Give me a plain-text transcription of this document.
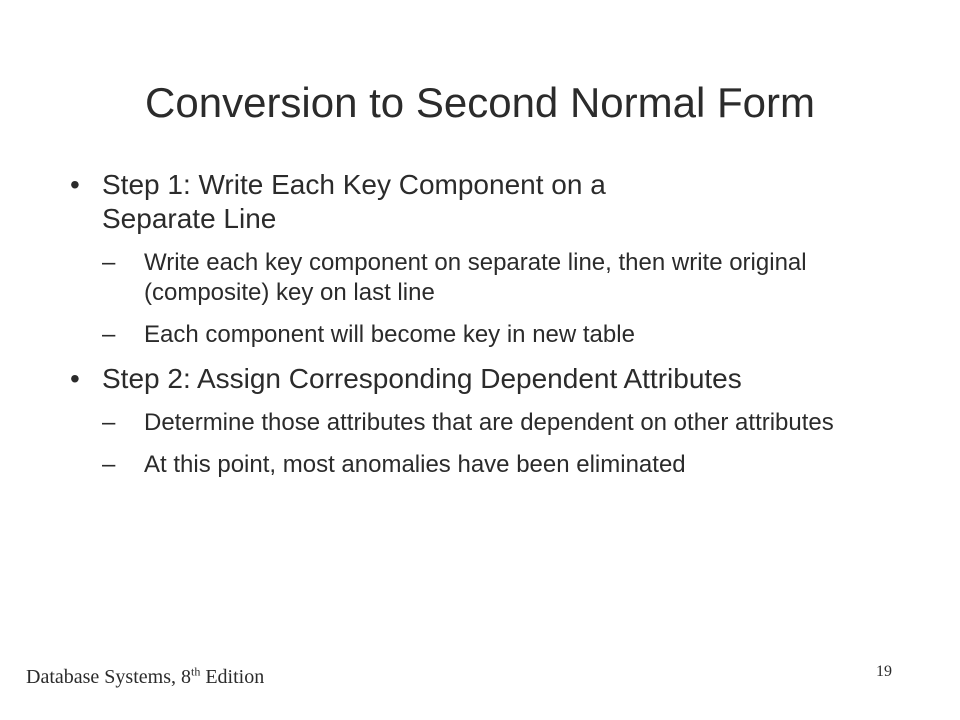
Conversion to Second Normal Form
• Step 1: Write Each Key Component on a Separate Line
– Write each key component on separate line, then write original (composite) key on last line
– Each component will become key in new table
• Step 2: Assign Corresponding Dependent Attributes
– Determine those attributes that are dependent on other attributes
– At this point, most anomalies have been eliminated
Database Systems, 8th Edition	19
